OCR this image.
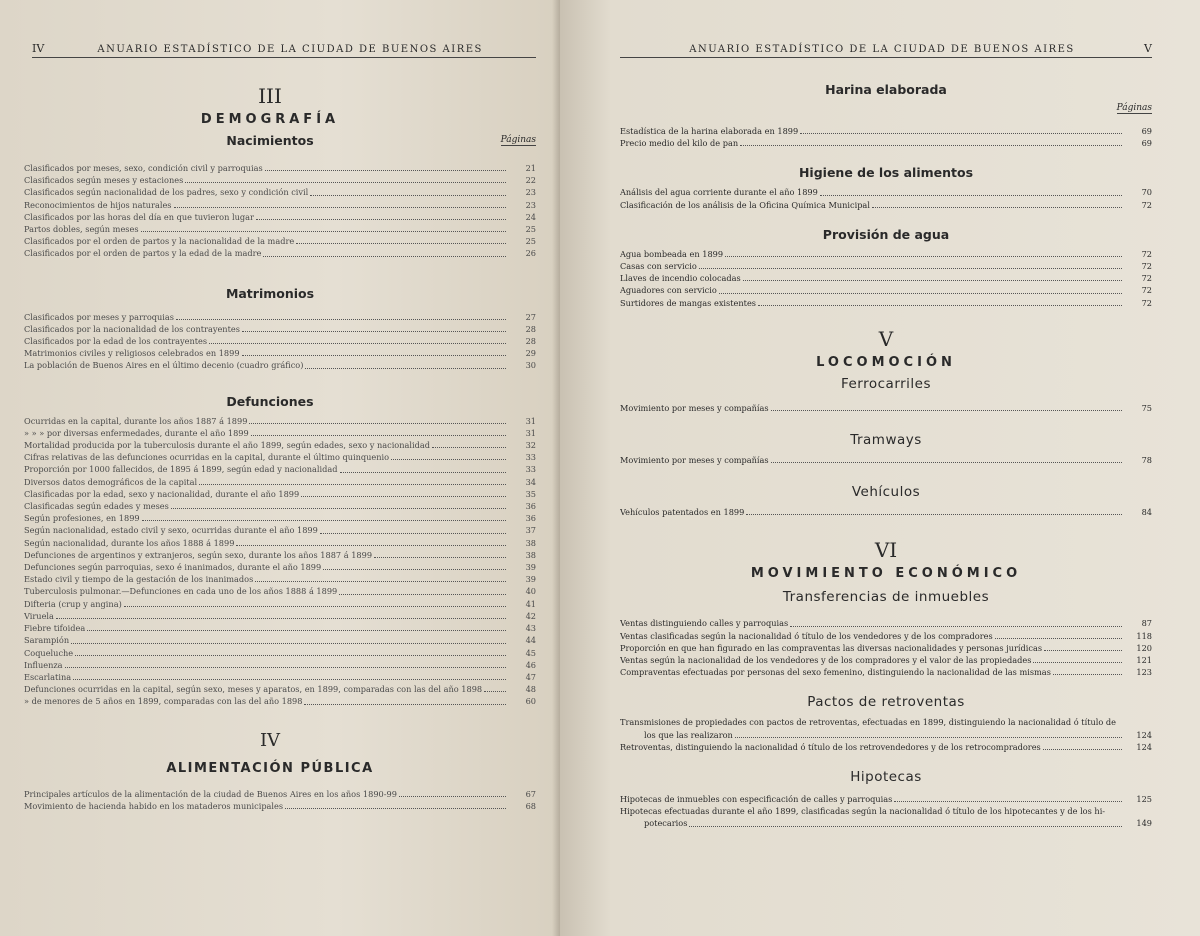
IV	ANUARIO ESTADÍSTICO DE LA CIUDAD DE BUENOS AIRES
III
DEMOGRAFÍA
Nacimientos	Páginas
Clasificados por meses, sexo, condición civil y parroquias	21
Clasificados según meses y estaciones	22
Clasificados según nacionalidad de los padres, sexo y condición civil	23
Reconocimientos de hijos naturales	23
Clasificados por las horas del día en que tuvieron lugar	24
Partos dobles, según meses	25
Clasificados por el orden de partos y la nacionalidad de la madre	25
Clasificados por el orden de partos y la edad de la madre	26
Matrimonios
Clasificados por meses y parroquias	27
Clasificados por la nacionalidad de los contrayentes	28
Clasificados por la edad de los contrayentes	28
Matrimonios civiles y religiosos celebrados en 1899	29
La población de Buenos Aires en el último decenio (cuadro gráfico)	30
Defunciones
Ocurridas en la capital, durante los años 1887 á 1899	31
» » » por diversas enfermedades, durante el año 1899	31
Mortalidad producida por la tuberculosis durante el año 1899, según edades, sexo y nacionalidad	32
Cifras relativas de las defunciones ocurridas en la capital, durante el último quinquenio	33
Proporción por 1000 fallecidos, de 1895 á 1899, según edad y nacionalidad	33
Diversos datos demográficos de la capital	34
Clasificadas por la edad, sexo y nacionalidad, durante el año 1899	35
Clasificadas según edades y meses	36
Según profesiones, en 1899	36
Según nacionalidad, estado civil y sexo, ocurridas durante el año 1899	37
Según nacionalidad, durante los años 1888 á 1899	38
Defunciones de argentinos y extranjeros, según sexo, durante los años 1887 á 1899	38
Defunciones según parroquias, sexo é inanimados, durante el año 1899	39
Estado civil y tiempo de la gestación de los inanimados	39
Tuberculosis pulmonar.—Defunciones en cada uno de los años 1888 á 1899	40
Difteria (crup y angina)	41
Viruela	42
Fiebre tifoidea	43
Sarampión	44
Coqueluche	45
Influenza	46
Escarlatina	47
Defunciones ocurridas en la capital, según sexo, meses y aparatos, en 1899, comparadas con las del año 1898	48
» de menores de 5 años en 1899, comparadas con las del año 1898	60
IV
ALIMENTACIÓN PÚBLICA
Principales artículos de la alimentación de la ciudad de Buenos Aires en los años 1890-99	67
Movimiento de hacienda habido en los mataderos municipales	68
ANUARIO ESTADÍSTICO DE LA CIUDAD DE BUENOS AIRES	V
Harina elaborada
Páginas
Estadística de la harina elaborada en 1899	69
Precio medio del kilo de pan	69
Higiene de los alimentos
Análisis del agua corriente durante el año 1899	70
Clasificación de los análisis de la Oficina Química Municipal	72
Provisión de agua
Agua bombeada en 1899	72
Casas con servicio	72
Llaves de incendio colocadas	72
Aguadores con servicio	72
Surtidores de mangas existentes	72
V
LOCOMOCIÓN
Ferrocarriles
Movimiento por meses y compañías	75
Tramways
Movimiento por meses y compañías	78
Vehículos
Vehículos patentados en 1899	84
VI
MOVIMIENTO ECONÓMICO
Transferencias de inmuebles
Ventas distinguiendo calles y parroquias	87
Ventas clasificadas según la nacionalidad ó título de los vendedores y de los compradores	118
Proporción en que han figurado en las compraventas las diversas nacionalidades y personas jurídicas	120
Ventas según la nacionalidad de los vendedores y de los compradores y el valor de las propiedades	121
Compraventas efectuadas por personas del sexo femenino, distinguiendo la nacionalidad de las mismas	123
Pactos de retroventas
Transmisiones de propiedades con pactos de retroventas, efectuadas en 1899, distinguiendo la nacionalidad ó título de
los que las realizaron	124
Retroventas, distinguiendo la nacionalidad ó título de los retrovendedores y de los retrocompradores	124
Hipotecas
Hipotecas de inmuebles con especificación de calles y parroquias	125
Hipotecas efectuadas durante el año 1899, clasificadas según la nacionalidad ó título de los hipotecantes y de los hi-
potecarios	149
